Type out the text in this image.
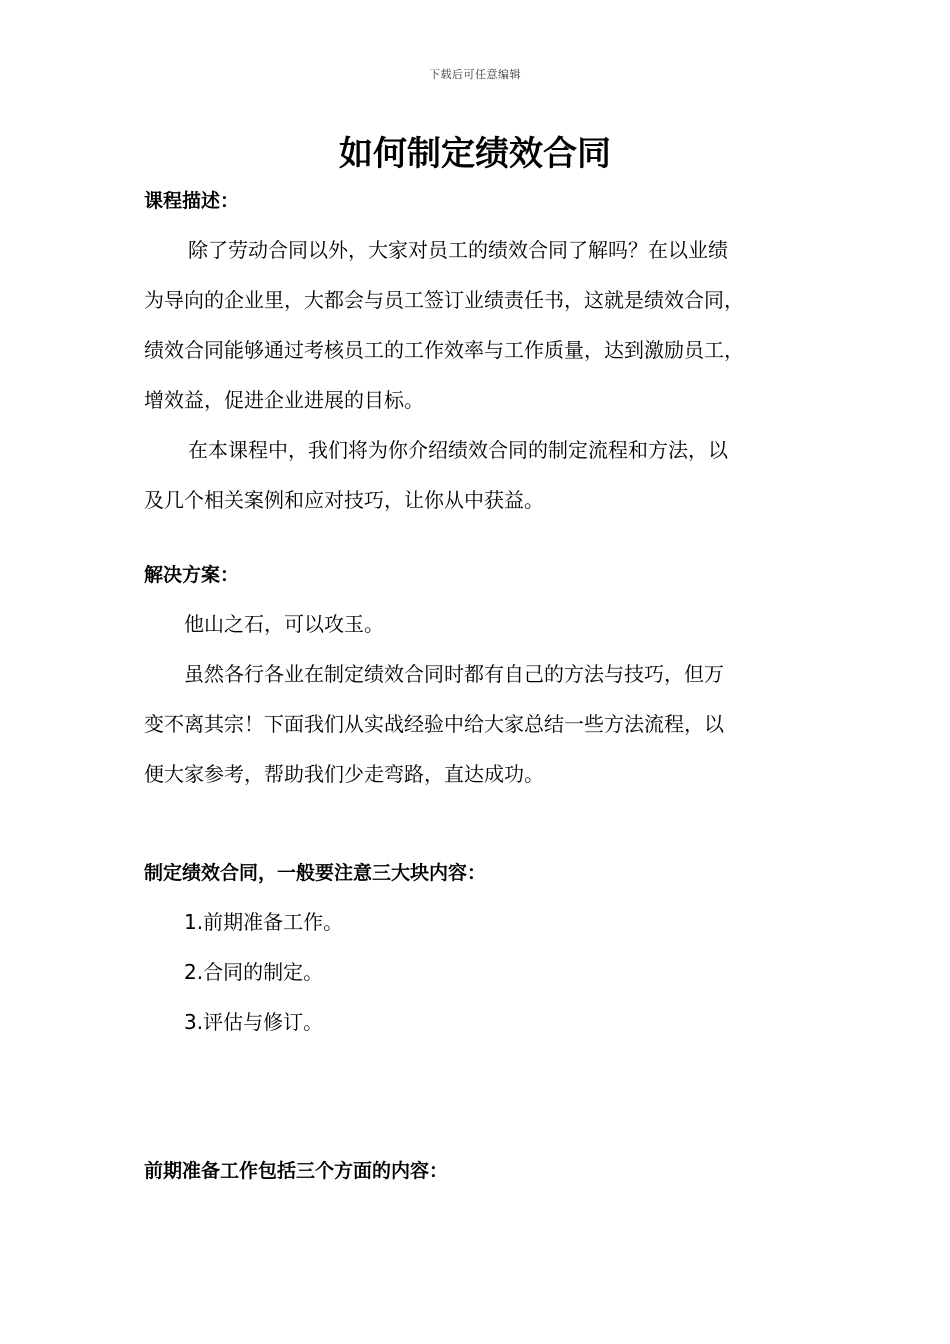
下载后可任意编辑
如何制定绩效合同
课程描述：
除了劳动合同以外，大家对员工的绩效合同了解吗？在以业绩
为导向的企业里，大都会与员工签订业绩责任书，这就是绩效合同，
绩效合同能够通过考核员工的工作效率与工作质量，达到激励员工，
增效益，促进企业进展的目标。
在本课程中，我们将为你介绍绩效合同的制定流程和方法，以
及几个相关案例和应对技巧，让你从中获益。
解决方案：
他山之石，可以攻玉。
虽然各行各业在制定绩效合同时都有自己的方法与技巧，但万
变不离其宗！下面我们从实战经验中给大家总结一些方法流程，以
便大家参考，帮助我们少走弯路，直达成功。
制定绩效合同，一般要注意三大块内容：
1.前期准备工作。
2.合同的制定。
3.评估与修订。
前期准备工作包括三个方面的内容：
